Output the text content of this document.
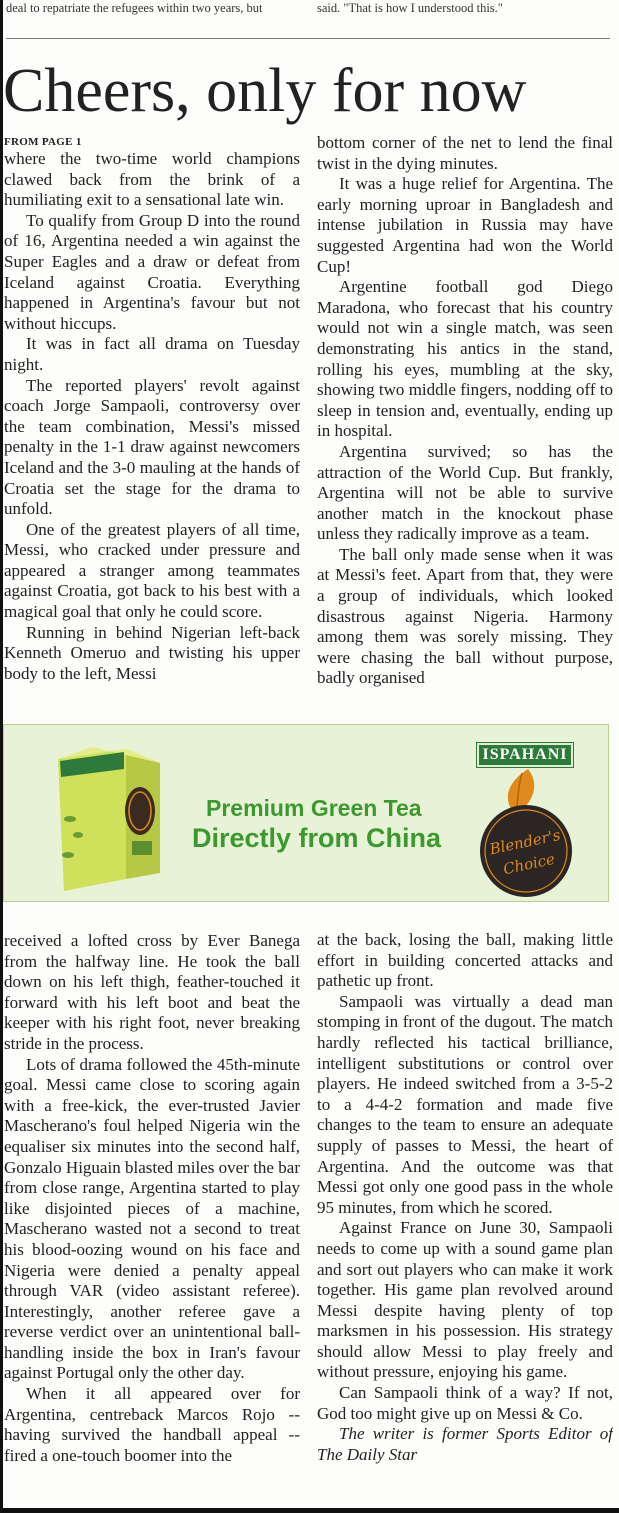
deal to repatriate the refugees within two years, but	said. "That is how I understood this."
Cheers, only for now
FROM PAGE 1

where the two-time world champions clawed back from the brink of a humiliating exit to a sensational late win.

To qualify from Group D into the round of 16, Argentina needed a win against the Super Eagles and a draw or defeat from Iceland against Croatia. Everything happened in Argentina's favour but not without hiccups.

It was in fact all drama on Tuesday night.

The reported players' revolt against coach Jorge Sampaoli, controversy over the team combination, Messi's missed penalty in the 1-1 draw against newcomers Iceland and the 3-0 mauling at the hands of Croatia set the stage for the drama to unfold.

One of the greatest players of all time, Messi, who cracked under pressure and appeared a stranger among teammates against Croatia, got back to his best with a magical goal that only he could score.

Running in behind Nigerian left-back Kenneth Omeruo and twisting his upper body to the left, Messi

bottom corner of the net to lend the final twist in the dying minutes.

It was a huge relief for Argentina. The early morning uproar in Bangladesh and intense jubilation in Russia may have suggested Argentina had won the World Cup!

Argentine football god Diego Maradona, who forecast that his country would not win a single match, was seen demonstrating his antics in the stand, rolling his eyes, mumbling at the sky, showing two middle fingers, nodding off to sleep in tension and, eventually, ending up in hospital.

Argentina survived; so has the attraction of the World Cup. But frankly, Argentina will not be able to survive another match in the knockout phase unless they radically improve as a team.

The ball only made sense when it was at Messi's feet. Apart from that, they were a group of individuals, which looked disastrous against Nigeria. Harmony among them was sorely missing. They were chasing the ball without purpose, badly organised

Premium Green Tea
Directly from China
ISPAHANI
Blender's
Choice

received a lofted cross by Ever Banega from the halfway line. He took the ball down on his left thigh, feather-touched it forward with his left boot and beat the keeper with his right foot, never breaking stride in the process.

Lots of drama followed the 45th-minute goal. Messi came close to scoring again with a free-kick, the ever-trusted Javier Mascherano's foul helped Nigeria win the equaliser six minutes into the second half, Gonzalo Higuain blasted miles over the bar from close range, Argentina started to play like disjointed pieces of a machine, Mascherano wasted not a second to treat his blood-oozing wound on his face and Nigeria were denied a penalty appeal through VAR (video assistant referee). Interestingly, another referee gave a reverse verdict over an unintentional ball-handling inside the box in Iran's favour against Portugal only the other day.

When it all appeared over for Argentina, centreback Marcos Rojo -- having survived the handball appeal -- fired a one-touch boomer into the

at the back, losing the ball, making little effort in building concerted attacks and pathetic up front.

Sampaoli was virtually a dead man stomping in front of the dugout. The match hardly reflected his tactical brilliance, intelligent substitutions or control over players. He indeed switched from a 3-5-2 to a 4-4-2 formation and made five changes to the team to ensure an adequate supply of passes to Messi, the heart of Argentina. And the outcome was that Messi got only one good pass in the whole 95 minutes, from which he scored.

Against France on June 30, Sampaoli needs to come up with a sound game plan and sort out players who can make it work together. His game plan revolved around Messi despite having plenty of top marksmen in his possession. His strategy should allow Messi to play freely and without pressure, enjoying his game.

Can Sampaoli think of a way? If not, God too might give up on Messi & Co.

The writer is former Sports Editor of The Daily Star
